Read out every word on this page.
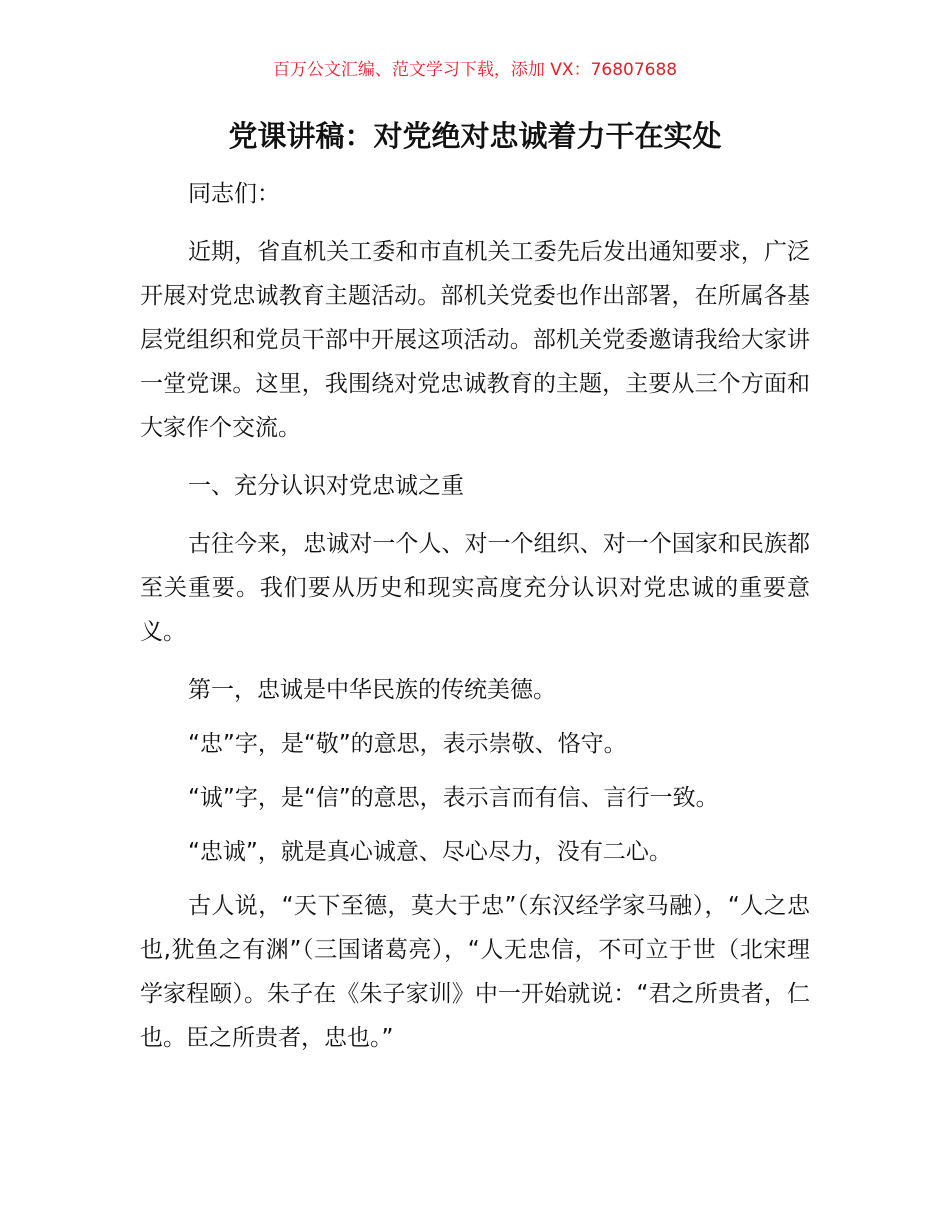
百万公文汇编、范文学习下载，添加 VX：76807688
党课讲稿：对党绝对忠诚着力干在实处

同志们：

近期，省直机关工委和市直机关工委先后发出通知要求，广泛开展对党忠诚教育主题活动。部机关党委也作出部署，在所属各基层党组织和党员干部中开展这项活动。部机关党委邀请我给大家讲一堂党课。这里，我围绕对党忠诚教育的主题，主要从三个方面和大家作个交流。

一、充分认识对党忠诚之重

古往今来，忠诚对一个人、对一个组织、对一个国家和民族都至关重要。我们要从历史和现实高度充分认识对党忠诚的重要意义。

第一，忠诚是中华民族的传统美德。

“忠”字，是“敬”的意思，表示崇敬、恪守。

“诚”字，是“信”的意思，表示言而有信、言行一致。

“忠诚”，就是真心诚意、尽心尽力，没有二心。

古人说，“天下至德，莫大于忠”（东汉经学家马融），“人之忠也,犹鱼之有渊”（三国诸葛亮），“人无忠信，不可立于世（北宋理学家程颐）。朱子在《朱子家训》中一开始就说：“君之所贵者，仁也。臣之所贵者，忠也。”
